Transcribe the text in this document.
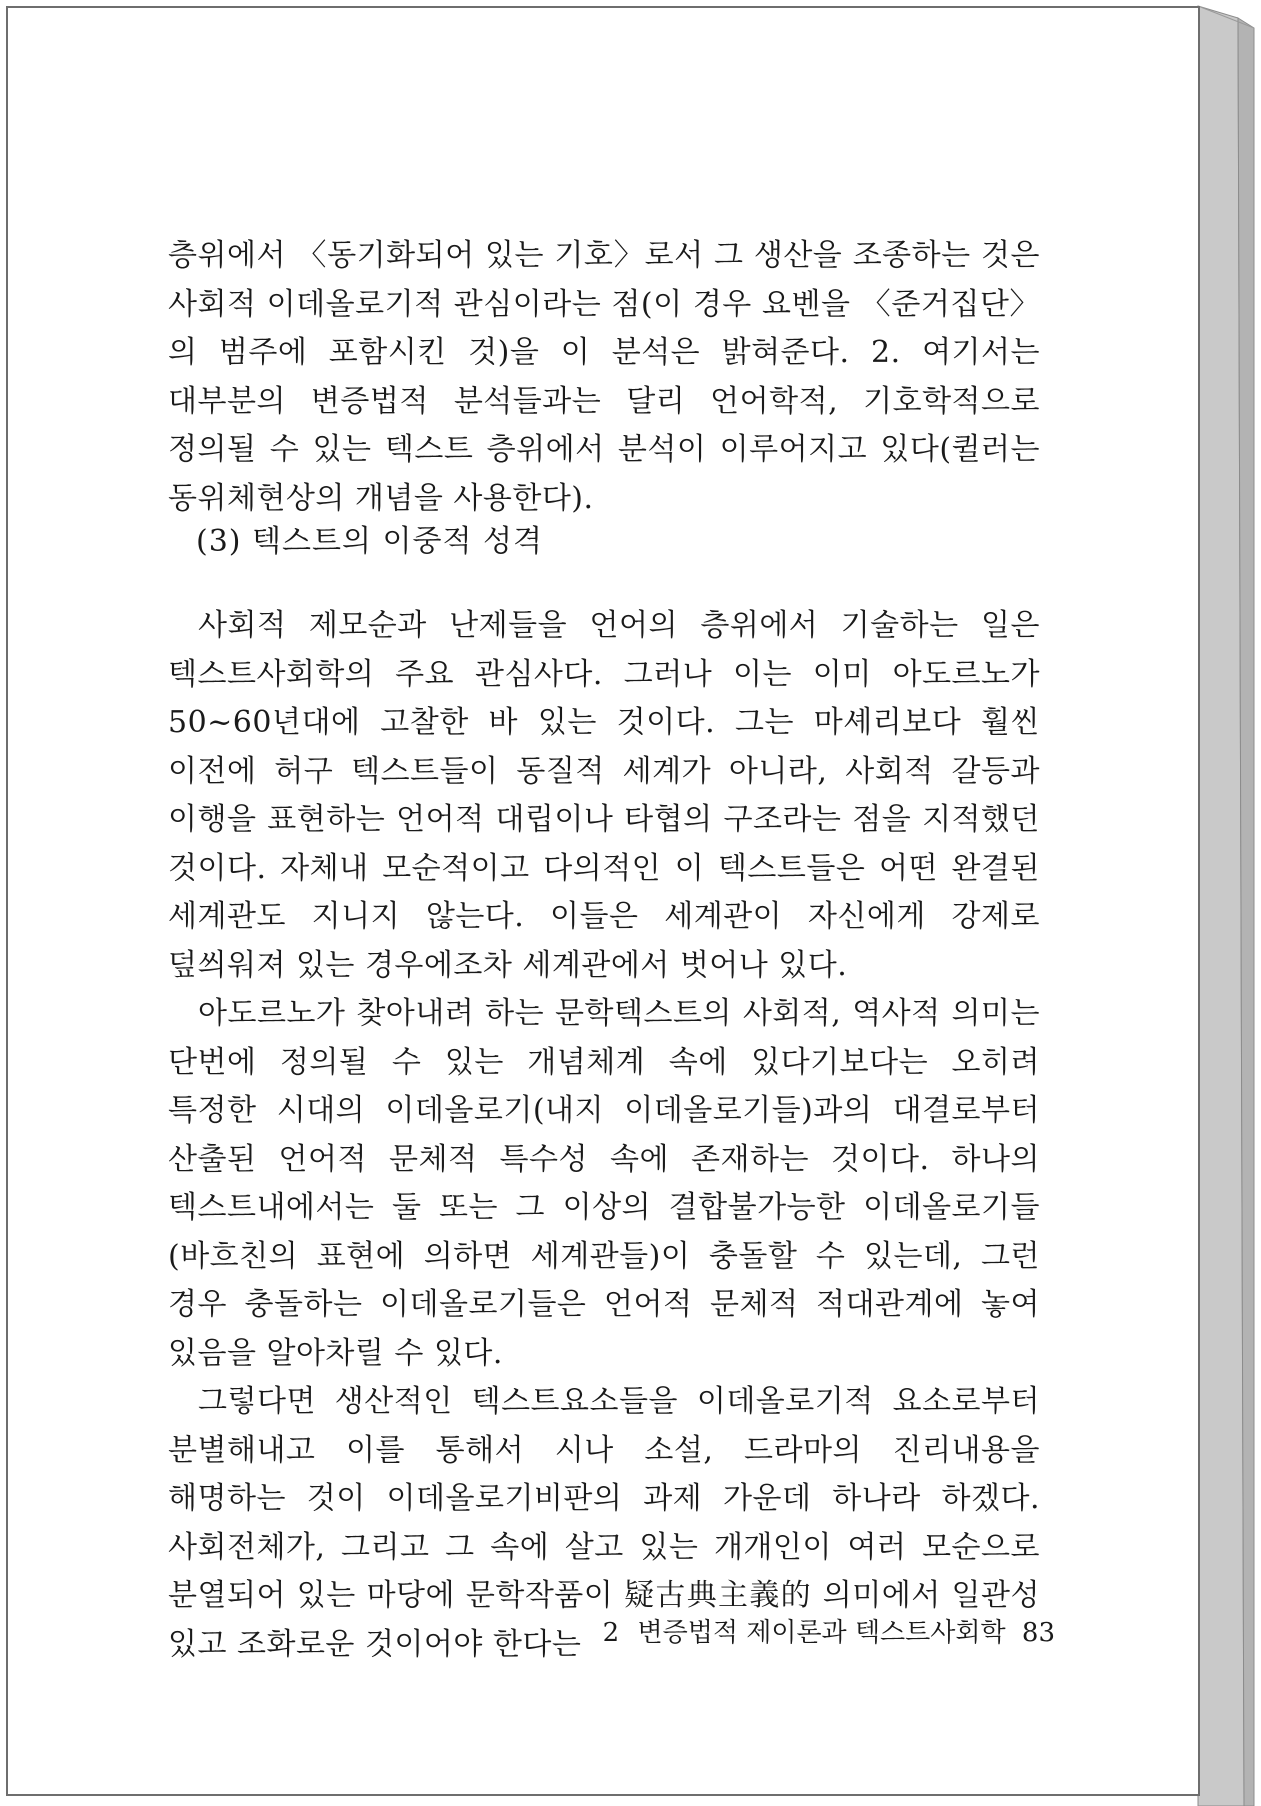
층위에서 〈동기화되어 있는 기호〉로서 그 생산을 조종하는 것은 사회적 이데올로기적 관심이라는 점(이 경우 요벤을 〈준거집단〉의 범주에 포함시킨 것)을 이 분석은 밝혀준다. 2. 여기서는 대부분의 변증법적 분석들과는 달리 언어학적, 기호학적으로 정의될 수 있는 텍스트 층위에서 분석이 이루어지고 있다(퀼러는 동위체현상의 개념을 사용한다).

(3) 텍스트의 이중적 성격

사회적 제모순과 난제들을 언어의 층위에서 기술하는 일은 텍스트사회학의 주요 관심사다. 그러나 이는 이미 아도르노가 50~60년대에 고찰한 바 있는 것이다. 그는 마셰리보다 훨씬 이전에 허구 텍스트들이 동질적 세계가 아니라, 사회적 갈등과 이행을 표현하는 언어적 대립이나 타협의 구조라는 점을 지적했던 것이다. 자체내 모순적이고 다의적인 이 텍스트들은 어떤 완결된 세계관도 지니지 않는다. 이들은 세계관이 자신에게 강제로 덮씌워져 있는 경우에조차 세계관에서 벗어나 있다.

아도르노가 찾아내려 하는 문학텍스트의 사회적, 역사적 의미는 단번에 정의될 수 있는 개념체계 속에 있다기보다는 오히려 특정한 시대의 이데올로기(내지 이데올로기들)과의 대결로부터 산출된 언어적 문체적 특수성 속에 존재하는 것이다. 하나의 텍스트내에서는 둘 또는 그 이상의 결합불가능한 이데올로기들(바흐친의 표현에 의하면 세계관들)이 충돌할 수 있는데, 그런 경우 충돌하는 이데올로기들은 언어적 문체적 적대관계에 놓여 있음을 알아차릴 수 있다.

그렇다면 생산적인 텍스트요소들을 이데올로기적 요소로부터 분별해내고 이를 통해서 시나 소설, 드라마의 진리내용을 해명하는 것이 이데올로기비판의 과제 가운데 하나라 하겠다. 사회전체가, 그리고 그 속에 살고 있는 개개인이 여러 모순으로 분열되어 있는 마당에 문학작품이 疑古典主義的 의미에서 일관성 있고 조화로운 것이어야 한다는 2 변증법적 제이론과 텍스트사회학 83
